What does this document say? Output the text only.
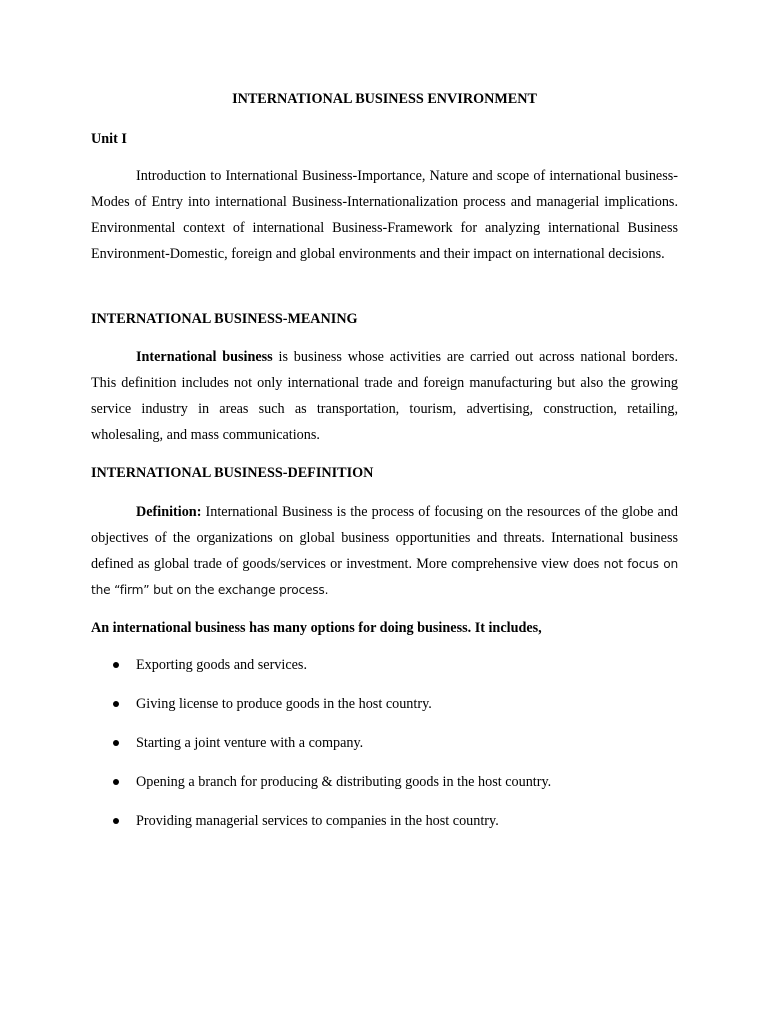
INTERNATIONAL BUSINESS ENVIRONMENT
Unit I

Introduction to International Business-Importance, Nature and scope of international business-Modes of Entry into international Business-Internationalization process and managerial implications. Environmental context of international Business-Framework for analyzing international Business Environment-Domestic, foreign and global environments and their impact on international decisions.

INTERNATIONAL BUSINESS-MEANING

International business is business whose activities are carried out across national borders. This definition includes not only international trade and foreign manufacturing but also the growing service industry in areas such as transportation, tourism, advertising, construction, retailing, wholesaling, and mass communications.

INTERNATIONAL BUSINESS-DEFINITION

Definition: International Business is the process of focusing on the resources of the globe and objectives of the organizations on global business opportunities and threats. International business defined as global trade of goods/services or investment. More comprehensive view does not focus on the “firm” but on the exchange process.

An international business has many options for doing business. It includes,
Exporting goods and services.
Giving license to produce goods in the host country.
Starting a joint venture with a company.
Opening a branch for producing & distributing goods in the host country.
Providing managerial services to companies in the host country.
